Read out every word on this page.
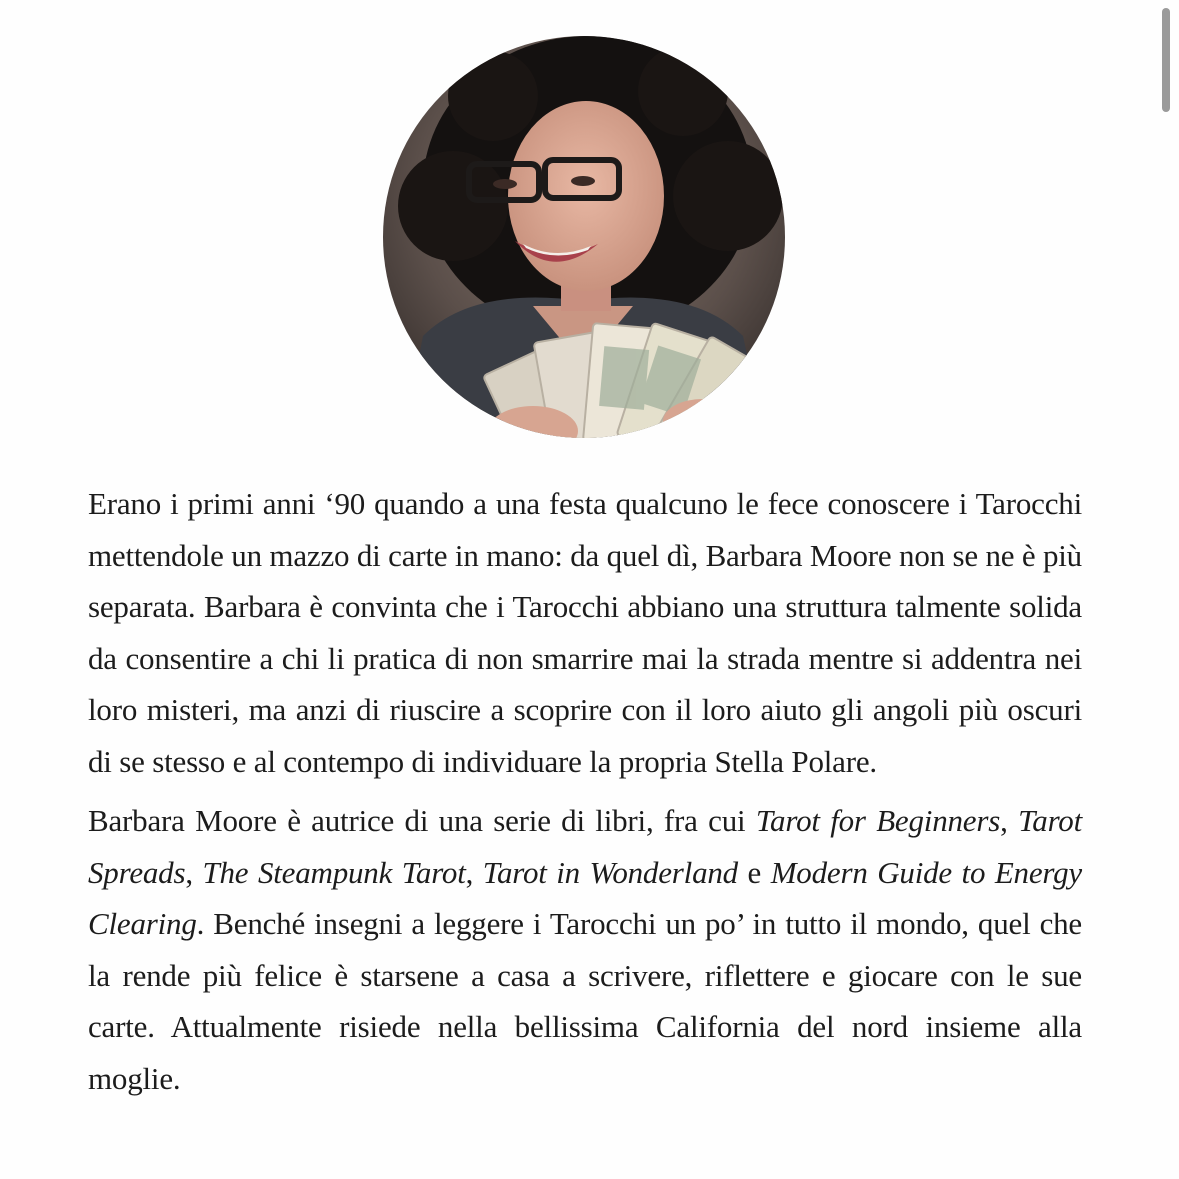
Erano i primi anni ‘90 quando a una festa qualcuno le fece conoscere i Tarocchi mettendole un mazzo di carte in mano: da quel dì, Barbara Moore non se ne è più separata. Barbara è convinta che i Tarocchi abbiano una struttura talmente solida da consentire a chi li pratica di non smarrire mai la strada mentre si addentra nei loro misteri, ma anzi di riuscire a scoprire con il loro aiuto gli angoli più oscuri di se stesso e al contempo di individuare la propria Stella Polare.

Barbara Moore è autrice di una serie di libri, fra cui Tarot for Beginners, Tarot Spreads, The Steampunk Tarot, Tarot in Wonderland e Modern Guide to Energy Clearing. Benché insegni a leggere i Tarocchi un po’ in tutto il mondo, quel che la rende più felice è starsene a casa a scrivere, riflettere e giocare con le sue carte. Attualmente risiede nella bellissima California del nord insieme alla moglie.
